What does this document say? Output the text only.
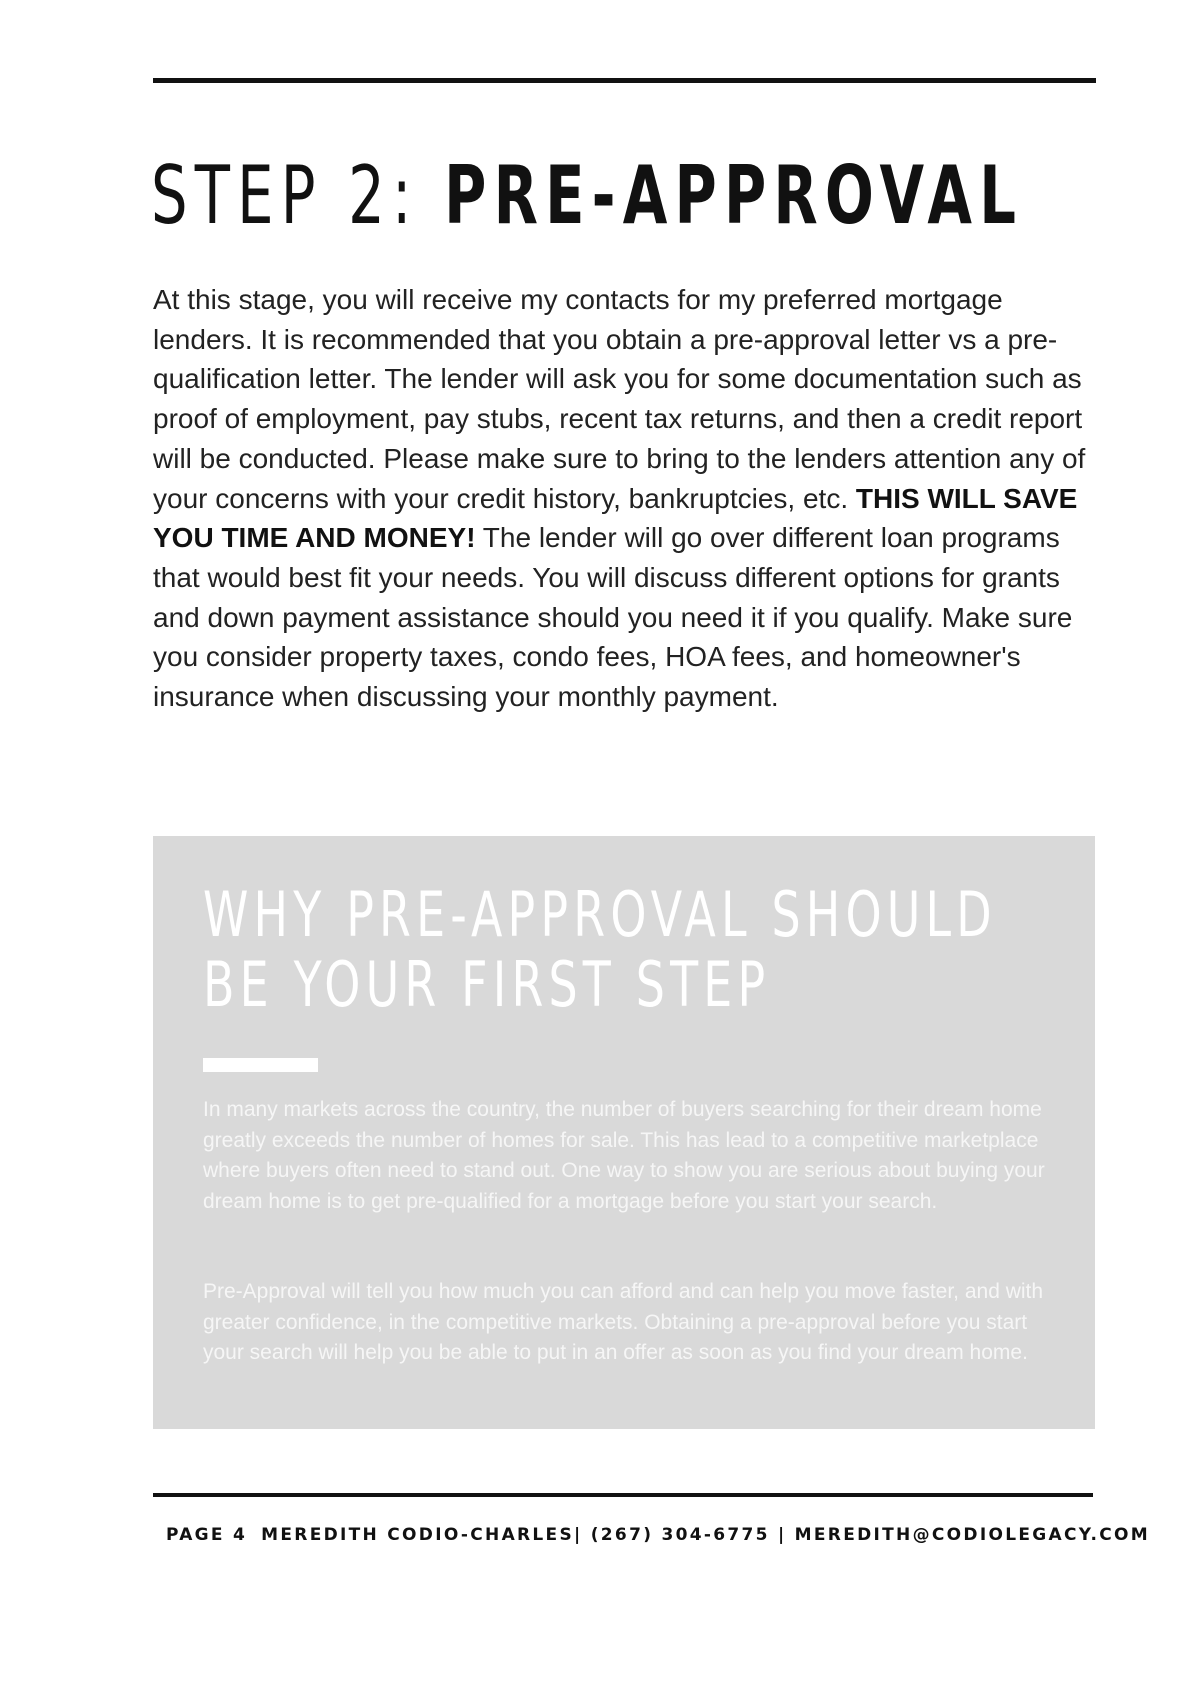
STEP 2: PRE-APPROVAL

At this stage, you will receive my contacts for my preferred mortgage lenders. It is recommended that you obtain a pre-approval letter vs a pre-qualification letter. The lender will ask you for some documentation such as proof of employment, pay stubs, recent tax returns, and then a credit report will be conducted. Please make sure to bring to the lenders attention any of your concerns with your credit history, bankruptcies, etc. THIS WILL SAVE YOU TIME AND MONEY! The lender will go over different loan programs that would best fit your needs. You will discuss different options for grants and down payment assistance should you need it if you qualify. Make sure you consider property taxes, condo fees, HOA fees, and homeowner's insurance when discussing your monthly payment.

WHY PRE-APPROVAL SHOULD
BE YOUR FIRST STEP

In many markets across the country, the number of buyers searching for their dream home greatly exceeds the number of homes for sale. This has lead to a competitive marketplace where buyers often need to stand out. One way to show you are serious about buying your dream home is to get pre-qualified for a mortgage before you start your search.

Pre-Approval will tell you how much you can afford and can help you move faster, and with greater confidence, in the competitive markets. Obtaining a pre-approval before you start your search will help you be able to put in an offer as soon as you find your dream home.

PAGE 4 MEREDITH CODIO-CHARLES| (267) 304-6775 | MEREDITH@CODIOLEGACY.COM
